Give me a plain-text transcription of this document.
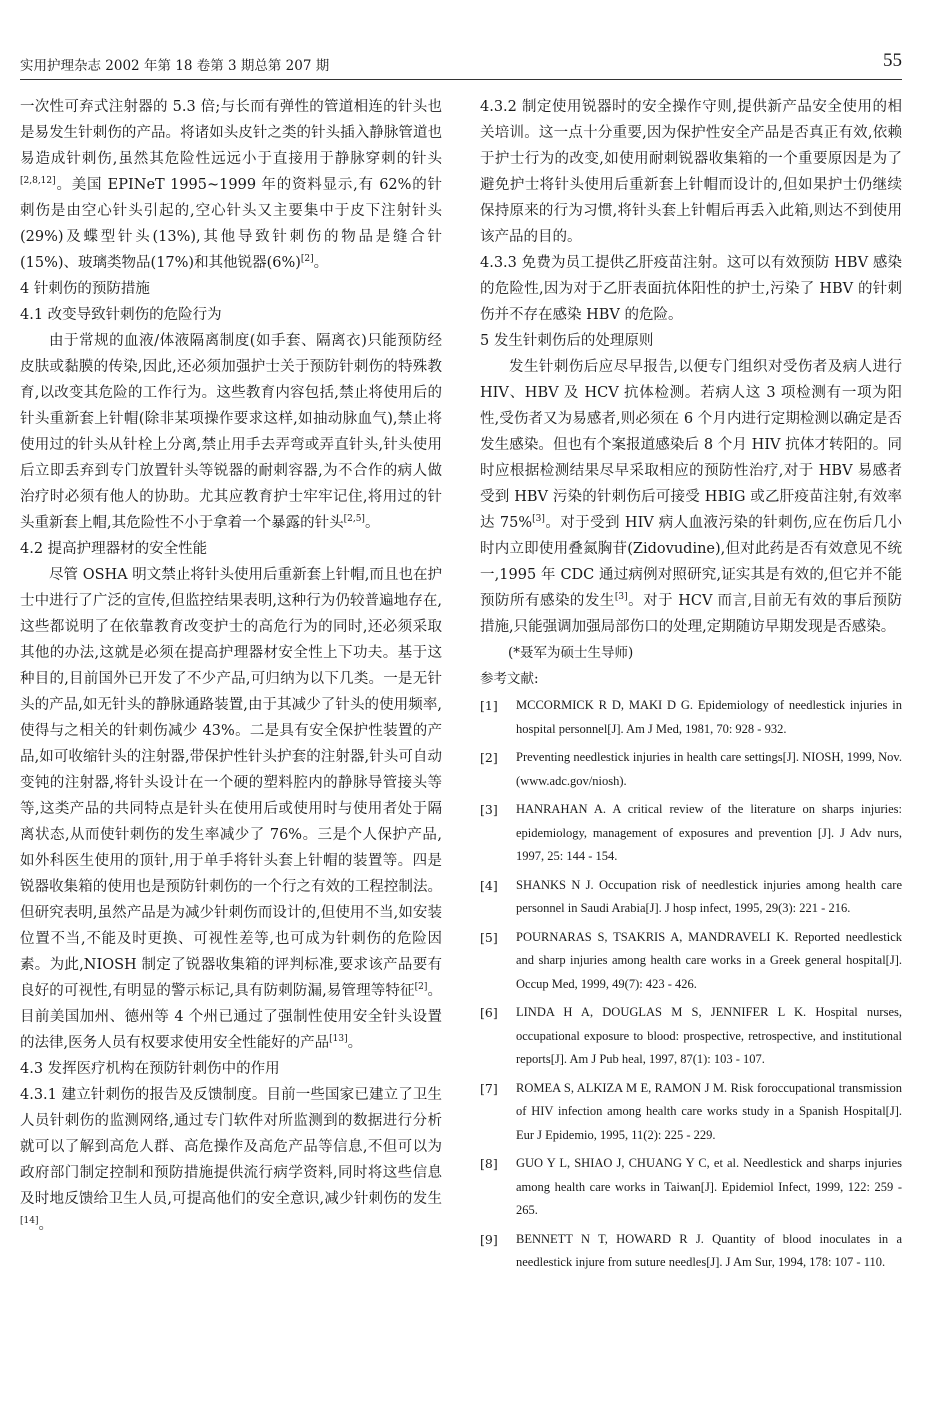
实用护理杂志 2002 年第 18 卷第 3 期总第 207 期	55

一次性可弃式注射器的 5.3 倍;与长而有弹性的管道相连的针头也是易发生针刺伤的产品。将诸如头皮针之类的针头插入静脉管道也易造成针刺伤,虽然其危险性远远小于直接用于静脉穿刺的针头[2,8,12]。美国 EPINeT 1995~1999 年的资料显示,有 62%的针刺伤是由空心针头引起的,空心针头又主要集中于皮下注射针头(29%)及蝶型针头(13%),其他导致针刺伤的物品是缝合针(15%)、玻璃类物品(17%)和其他锐器(6%)[2]。

4 针刺伤的预防措施

4.1 改变导致针刺伤的危险行为

由于常规的血液/体液隔离制度(如手套、隔离衣)只能预防经皮肤或黏膜的传染,因此,还必须加强护士关于预防针刺伤的特殊教育,以改变其危险的工作行为。这些教育内容包括,禁止将使用后的针头重新套上针帽(除非某项操作要求这样,如抽动脉血气),禁止将使用过的针头从针栓上分离,禁止用手去弄弯或弄直针头,针头使用后立即丢弃到专门放置针头等锐器的耐刺容器,为不合作的病人做治疗时必须有他人的协助。尤其应教育护士牢牢记住,将用过的针头重新套上帽,其危险性不小于拿着一个暴露的针头[2,5]。

4.2 提高护理器材的安全性能

尽管 OSHA 明文禁止将针头使用后重新套上针帽,而且也在护士中进行了广泛的宣传,但监控结果表明,这种行为仍较普遍地存在,这些都说明了在依靠教育改变护士的高危行为的同时,还必须采取其他的办法,这就是必须在提高护理器材安全性上下功夫。基于这种目的,目前国外已开发了不少产品,可归纳为以下几类。一是无针头的产品,如无针头的静脉通路装置,由于其减少了针头的使用频率,使得与之相关的针刺伤减少 43%。二是具有安全保护性装置的产品,如可收缩针头的注射器,带保护性针头护套的注射器,针头可自动变钝的注射器,将针头设计在一个硬的塑料腔内的静脉导管接头等等,这类产品的共同特点是针头在使用后或使用时与使用者处于隔离状态,从而使针刺伤的发生率减少了 76%。三是个人保护产品,如外科医生使用的顶针,用于单手将针头套上针帽的装置等。四是锐器收集箱的使用也是预防针刺伤的一个行之有效的工程控制法。但研究表明,虽然产品是为减少针刺伤而设计的,但使用不当,如安装位置不当,不能及时更换、可视性差等,也可成为针刺伤的危险因素。为此,NIOSH 制定了锐器收集箱的评判标准,要求该产品要有良好的可视性,有明显的警示标记,具有防刺防漏,易管理等特征[2]。目前美国加州、德州等 4 个州已通过了强制性使用安全针头设置的法律,医务人员有权要求使用安全性能好的产品[13]。

4.3 发挥医疗机构在预防针刺伤中的作用

4.3.1 建立针刺伤的报告及反馈制度。目前一些国家已建立了卫生人员针刺伤的监测网络,通过专门软件对所监测到的数据进行分析就可以了解到高危人群、高危操作及高危产品等信息,不但可以为政府部门制定控制和预防措施提供流行病学资料,同时将这些信息及时地反馈给卫生人员,可提高他们的安全意识,减少针刺伤的发生[14]。

4.3.2 制定使用锐器时的安全操作守则,提供新产品安全使用的相关培训。这一点十分重要,因为保护性安全产品是否真正有效,依赖于护士行为的改变,如使用耐刺锐器收集箱的一个重要原因是为了避免护士将针头使用后重新套上针帽而设计的,但如果护士仍继续保持原来的行为习惯,将针头套上针帽后再丢入此箱,则达不到使用该产品的目的。

4.3.3 免费为员工提供乙肝疫苗注射。这可以有效预防 HBV 感染的危险性,因为对于乙肝表面抗体阳性的护士,污染了 HBV 的针刺伤并不存在感染 HBV 的危险。

5 发生针刺伤后的处理原则

发生针刺伤后应尽早报告,以便专门组织对受伤者及病人进行 HIV、HBV 及 HCV 抗体检测。若病人这 3 项检测有一项为阳性,受伤者又为易感者,则必须在 6 个月内进行定期检测以确定是否发生感染。但也有个案报道感染后 8 个月 HIV 抗体才转阳的。同时应根据检测结果尽早采取相应的预防性治疗,对于 HBV 易感者受到 HBV 污染的针刺伤后可接受 HBIG 或乙肝疫苗注射,有效率达 75%[3]。对于受到 HIV 病人血液污染的针刺伤,应在伤后几小时内立即使用叠氮胸苷(Zidovudine),但对此药是否有效意见不统一,1995 年 CDC 通过病例对照研究,证实其是有效的,但它并不能预防所有感染的发生[3]。对于 HCV 而言,目前无有效的事后预防措施,只能强调加强局部伤口的处理,定期随访早期发现是否感染。

(*聂军为硕士生导师)

参考文献:

[1] MCCORMICK R D, MAKI D G. Epidemiology of needlestick injuries in hospital personnel[J]. Am J Med, 1981, 70: 928 - 932.
[2] Preventing needlestick injuries in health care settings[J]. NIOSH, 1999, Nov. (www.adc.gov/niosh).
[3] HANRAHAN A. A critical review of the literature on sharps injuries: epidemiology, management of exposures and prevention [J]. J Adv nurs, 1997, 25: 144 - 154.
[4] SHANKS N J. Occupation risk of needlestick injuries among health care personnel in Saudi Arabia[J]. J hosp infect, 1995, 29(3): 221 - 216.
[5] POURNARAS S, TSAKRIS A, MANDRAVELI K. Reported needlestick and sharp injuries among health care works in a Greek general hospital[J]. Occup Med, 1999, 49(7): 423 - 426.
[6] LINDA H A, DOUGLAS M S, JENNIFER L K. Hospital nurses, occupational exposure to blood: prospective, retrospective, and institutional reports[J]. Am J Pub heal, 1997, 87(1): 103 - 107.
[7] ROMEA S, ALKIZA M E, RAMON J M. Risk foroccupational transmission of HIV infection among health care works study in a Spanish Hospital[J]. Eur J Epidemio, 1995, 11(2): 225 - 229.
[8] GUO Y L, SHIAO J, CHUANG Y C, et al. Needlestick and sharps injuries among health care works in Taiwan[J]. Epidemiol Infect, 1999, 122: 259 - 265.
[9] BENNETT N T, HOWARD R J. Quantity of blood inoculates in a needlestick injure from suture needles[J]. J Am Sur, 1994, 178: 107 - 110.
